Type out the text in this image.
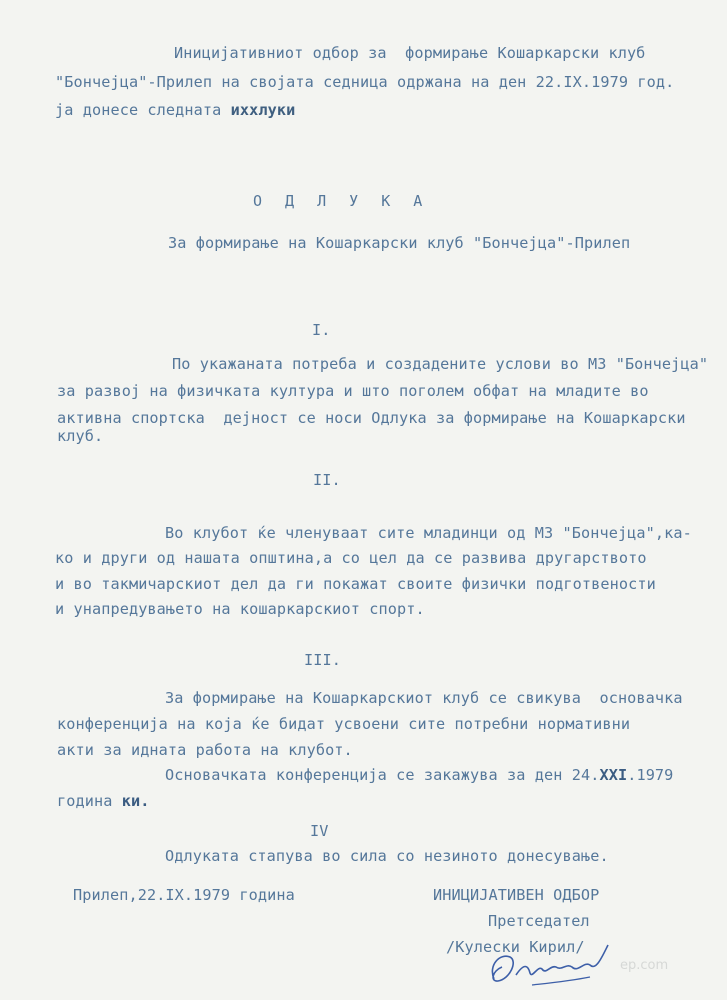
Иницијативниот одбор за  формирање Кошаркарски клуб
"Бончејца"-Прилеп на својата седница одржана на ден 22.IX.1979 год.
ја донесе следната иххлуки
О Д Л У К А
За формирање на Кошаркарски клуб "Бончејца"-Прилеп
I.
По укажаната потреба и создадените услови во МЗ "Бончејца"
за развој на физичката култура и што поголем обфат на младите во
активна спортска  дејност се носи Одлука за формирање на Кошаркарски
клуб.
II.
Во клубот ќе членуваат сите младинци од МЗ "Бончејца",ка-
ко и други од нашата општина,а со цел да се развива другарството
и во такмичарскиот дел да ги покажат своите физички подготвености
и унапредувањето на кошаркарскиот спорт.
III.
За формирање на Кошаркарскиот клуб се свикува  основачка
конференција на која ќе бидат усвоени сите потребни нормативни
акти за идната работа на клубот.
Основачката конференција се закажува за ден 24.ХXI.1979
година ки.
IV
Одлуката стапува во сила со незиното донесување.
Прилеп,22.IX.1979 година	ИНИЦИЈАТИВЕН ОДБОР
Претседател
/Кулески Кирил/
ep.com
